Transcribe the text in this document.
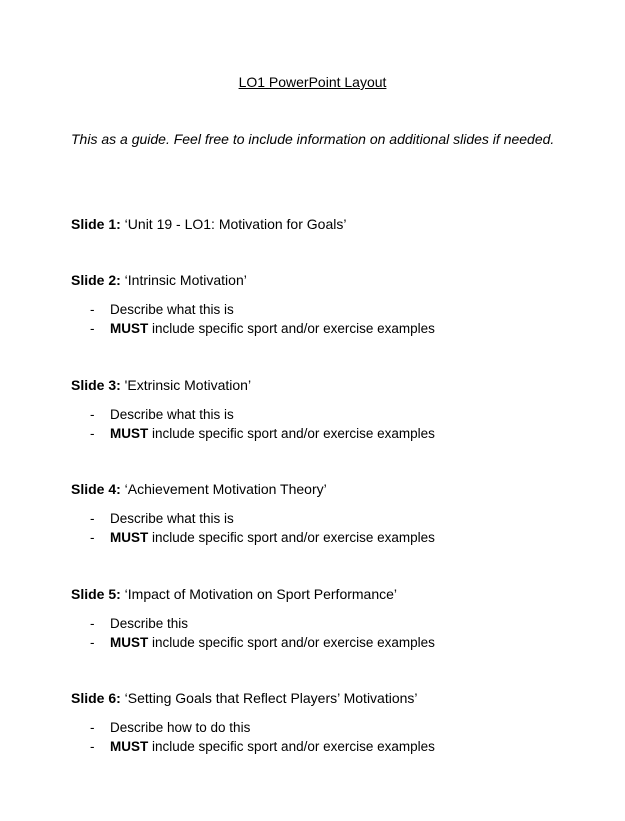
LO1 PowerPoint Layout
This as a guide. Feel free to include information on additional slides if needed.
Slide 1: ‘Unit 19 - LO1: Motivation for Goals’
Slide 2: ‘Intrinsic Motivation’
- Describe what this is
- MUST include specific sport and/or exercise examples
Slide 3: 'Extrinsic Motivation’
- Describe what this is
- MUST include specific sport and/or exercise examples
Slide 4: ‘Achievement Motivation Theory’
- Describe what this is
- MUST include specific sport and/or exercise examples
Slide 5: ‘Impact of Motivation on Sport Performance’
- Describe this
- MUST include specific sport and/or exercise examples
Slide 6: ‘Setting Goals that Reflect Players’ Motivations’
- Describe how to do this
- MUST include specific sport and/or exercise examples
